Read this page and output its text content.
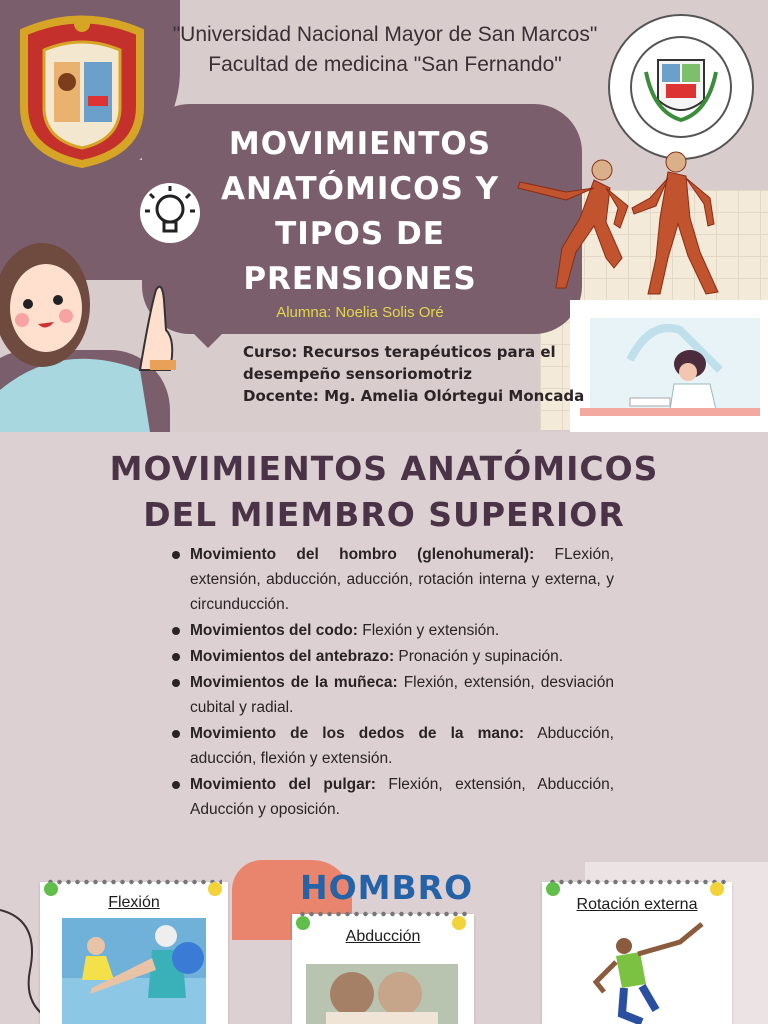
"Universidad Nacional Mayor de San Marcos"
Facultad de medicina "San Fernando"
MOVIMIENTOS
ANATÓMICOS Y
TIPOS DE
PRENSIONES
Alumna: Noelia Solis Oré
Curso: Recursos terapéuticos para el
desempeño sensoriomotriz
Docente: Mg. Amelia Olórtegui Moncada
MOVIMIENTOS ANATÓMICOS
DEL MIEMBRO SUPERIOR
Movimiento del hombro (glenohumeral): FLexión, extensión, abducción, aducción, rotación interna y externa, y circunducción.
Movimientos del codo: Flexión y extensión.
Movimientos del antebrazo: Pronación y supinación.
Movimientos de la muñeca: Flexión, extensión, desviación cubital y radial.
Movimiento de los dedos de la mano: Abducción, aducción, flexión y extensión.
Movimiento del pulgar: Flexión, extensión, Abducción, Aducción y oposición.
HOMBRO
Flexión
Abducción
Rotación externa
